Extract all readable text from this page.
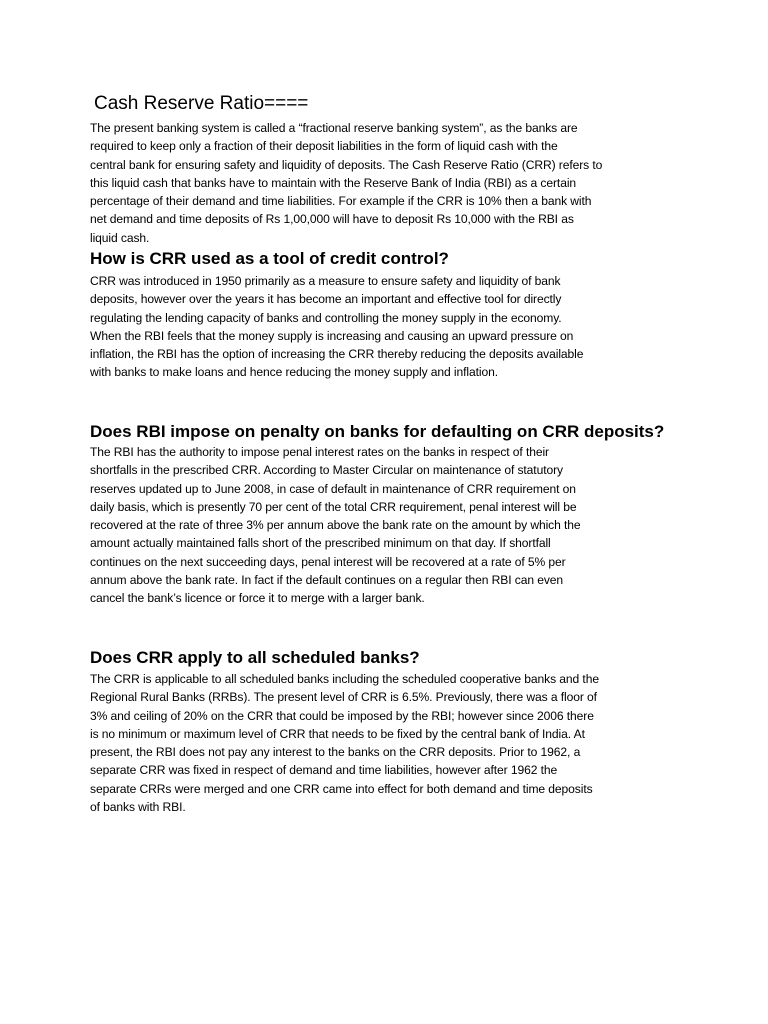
Cash Reserve Ratio====
The present banking system is called a “fractional reserve banking system”, as the banks are
required to keep only a fraction of their deposit liabilities in the form of liquid cash with the
central bank for ensuring safety and liquidity of deposits. The Cash Reserve Ratio (CRR) refers to
this liquid cash that banks have to maintain with the Reserve Bank of India (RBI) as a certain
percentage of their demand and time liabilities. For example if the CRR is 10% then a bank with
net demand and time deposits of Rs 1,00,000 will have to deposit Rs 10,000 with the RBI as
liquid cash.
How is CRR used as a tool of credit control?
CRR was introduced in 1950 primarily as a measure to ensure safety and liquidity of bank
deposits, however over the years it has become an important and effective tool for directly
regulating the lending capacity of banks and controlling the money supply in the economy.
When the RBI feels that the money supply is increasing and causing an upward pressure on
inflation, the RBI has the option of increasing the CRR thereby reducing the deposits available
with banks to make loans and hence reducing the money supply and inflation.
Does RBI impose on penalty on banks for defaulting on CRR deposits?
The RBI has the authority to impose penal interest rates on the banks in respect of their
shortfalls in the prescribed CRR. According to Master Circular on maintenance of statutory
reserves updated up to June 2008, in case of default in maintenance of CRR requirement on
daily basis, which is presently 70 per cent of the total CRR requirement, penal interest will be
recovered at the rate of three 3% per annum above the bank rate on the amount by which the
amount actually maintained falls short of the prescribed minimum on that day. If shortfall
continues on the next succeeding days, penal interest will be recovered at a rate of 5% per
annum above the bank rate. In fact if the default continues on a regular then RBI can even
cancel the bank’s licence or force it to merge with a larger bank.
Does CRR apply to all scheduled banks?
The CRR is applicable to all scheduled banks including the scheduled cooperative banks and the
Regional Rural Banks (RRBs). The present level of CRR is 6.5%. Previously, there was a floor of
3% and ceiling of 20% on the CRR that could be imposed by the RBI; however since 2006 there
is no minimum or maximum level of CRR that needs to be fixed by the central bank of India. At
present, the RBI does not pay any interest to the banks on the CRR deposits. Prior to 1962, a
separate CRR was fixed in respect of demand and time liabilities, however after 1962 the
separate CRRs were merged and one CRR came into effect for both demand and time deposits
of banks with RBI.
